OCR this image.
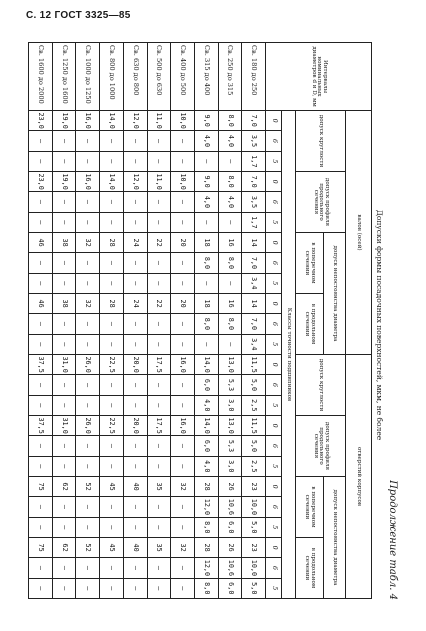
С. 12 ГОСТ 3325—85
Продолжение табл. 4
Допуски формы посадочных поверхностей, мкм, не более
Интервалы номинальных диаметров d и D, мм	валов (осей)												отверстий корпусов											
	допуск круглости			допуск профиля продольного сечения			допуск непостоянства диаметра						допуск круглости			допуск профиля продольного сечения			допуск непостоянства диаметра					
							в поперечном сечении			в продольном сечении									в поперечном сечении			в продольном сечении		
	Классы точности подшипников																							
	0	6	5	0	6	5	0	6	5	0	6	5	0	6	5	0	6	5	0	6	5	0	6	5
Св. 180 до 250	7,0	3,5	1,7	7,0	3,5	1,7	14	7,0	3,4	14	7,0	3,4	11,5	5,0	2,5	11,5	5,0	2,5	23	10,0	5,0	23	10,0	5,0
Св. 250 до 315	8,0	4,0	—	8,0	4,0	—	16	8,0	—	16	8,0	—	13,0	5,3	3,0	13,0	5,3	3,0	26	10,6	6,0	26	10,6	6,0
Св. 315 до 400	9,0	4,0	—	9,0	4,0	—	18	8,0	—	18	8,0	—	14,0	6,0	4,0	14,0	6,0	4,0	28	12,0	8,0	28	12,0	8,0
Св. 400 до 500	10,0	—	—	10,0	—	—	20	—	—	20	—	—	16,0	—	—	16,0	—	—	32	—	—	32	—	—
Св. 500 до 630	11,0	—	—	11,0	—	—	22	—	—	22	—	—	17,5	—	—	17,5	—	—	35	—	—	35	—	—
Св. 630 до 800	12,0	—	—	12,0	—	—	24	—	—	24	—	—	20,0	—	—	20,0	—	—	40	—	—	40	—	—
Св. 800 до 1000	14,0	—	—	14,0	—	—	28	—	—	28	—	—	22,5	—	—	22,5	—	—	45	—	—	45	—	—
Св. 1000 до 1250	16,0	—	—	16,0	—	—	32	—	—	32	—	—	26,0	—	—	26,0	—	—	52	—	—	52	—	—
Св. 1250 до 1600	19,0	—	—	19,0	—	—	38	—	—	38	—	—	31,0	—	—	31,0	—	—	62	—	—	62	—	—
Св. 1600 до 2000	23,0	—	—	23,0	—	—	46	—	—	46	—	—	37,5	—	—	37,5	—	—	75	—	—	75	—	—
